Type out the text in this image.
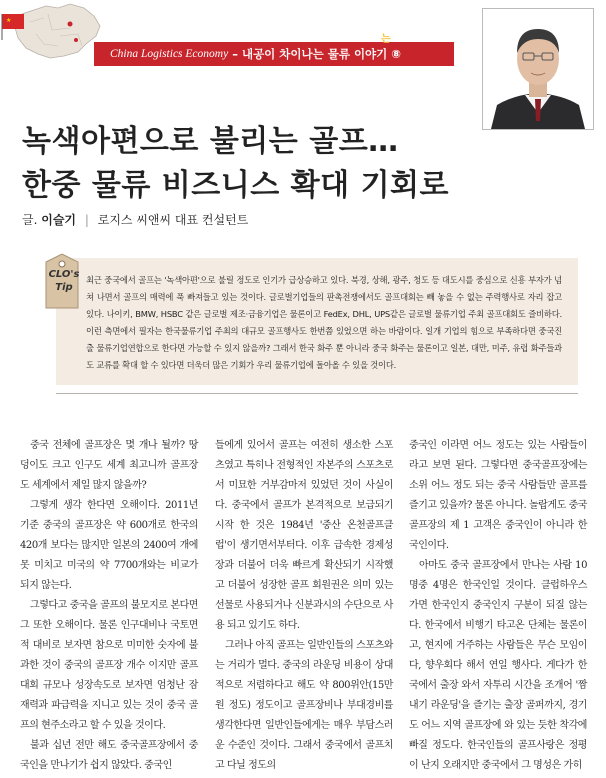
★
China Logistics Economy – 내공이 차이나는 물류 이야기 ⑧
는
녹색아편으로 불리는 골프…
한중 물류 비즈니스 확대 기회로
글. 이슬기 | 로지스 씨앤씨 대표 컨설턴트

최근 중국에서 골프는 '녹색아편'으로 불릴 정도로 인기가 급상승하고 있다. 북경, 상해, 광주, 청도 등 대도시를 중심으로 신흥 부자가 넘쳐 나면서 골프의 매력에 푹 빠져들고 있는 것이다. 글로벌기업들의 판촉전쟁에서도 골프대회는 빼 놓을 수 없는 주력행사로 자리 잡고 있다. 나이키, BMW, HSBC 같은 글로벌 제조·금융기업은 물론이고 FedEx, DHL, UPS같은 글로벌 물류기업 주최 골프대회도 즐비하다. 이런 측면에서 필자는 한국물류기업 주최의 대규모 골프행사도 한번쯤 있었으면 하는 바람이다. 일개 기업의 힘으로 부족하다면 중국진출 물류기업연합으로 한다면 가능할 수 있지 않을까? 그래서 한국 화주 뿐 아니라 중국 화주는 물론이고 일본, 대만, 미주, 유럽 화주들과도 교류를 확대 할 수 있다면 더욱더 많은 기회가 우리 물류기업에 돌아올 수 있을 것이다.

CLO's Tip

중국 전체에 골프장은 몇 개나 될까? 땅덩이도 크고 인구도 세계 최고니까 골프장도 세계에서 제일 많지 않을까?

그렇게 생각 한다면 오해이다. 2011년 기준 중국의 골프장은 약 600개로 한국의 420개 보다는 많지만 일본의 2400여 개에 못 미치고 미국의 약 7700개와는 비교가 되지 않는다.

그렇다고 중국을 골프의 불모지로 본다면 그 또한 오해이다. 물론 인구대비나 국토면적 대비로 보자면 참으로 미미한 숫자에 불과한 것이 중국의 골프장 개수 이지만 골프대회 규모나 성장속도로 보자면 엄청난 잠재력과 파급력을 지니고 있는 것이 중국 골프의 현주소라고 할 수 있을 것이다.

불과 십년 전만 해도 중국골프장에서 중국인을 만나기가 쉽지 않았다. 중국인

들에게 있어서 골프는 여전히 생소한 스포츠였고 특히나 전형적인 자본주의 스포츠로서 미묘한 거부감마저 있었던 것이 사실이다. 중국에서 골프가 본격적으로 보급되기 시작 한 것은 1984년 '중산 온천골프클럽'이 생기면서부터다. 이후 급속한 경제성장과 더불어 더욱 빠르게 확산되기 시작했고 더불어 성장한 골프 회원권은 의미 있는 선물로 사용되거나 신분과시의 수단으로 사용 되고 있기도 하다.

그러나 아직 골프는 일반인들의 스포츠와는 거리가 멀다. 중국의 라운딩 비용이 상대적으로 저렴하다고 해도 약 800위안(15만원 정도) 정도이고 골프장비나 부대경비를 생각한다면 일반인들에게는 매우 부담스러운 수준인 것이다. 그래서 중국에서 골프치고 다닐 정도의

중국인 이라면 어느 정도는 있는 사람들이라고 보면 된다. 그렇다면 중국골프장에는 소위 어느 정도 되는 중국 사람들만 골프를 즐기고 있을까? 물론 아니다. 놀랍게도 중국 골프장의 제 1 고객은 중국인이 아니라 한국인이다.

아마도 중국 골프장에서 만나는 사람 10명중 4명은 한국인일 것이다. 클럽하우스 가면 한국인지 중국인지 구분이 되질 않는다. 한국에서 비행기 타고온 단체는 물론이고, 현지에 거주하는 사람들은 무슨 모임이다, 향우회다 해서 연일 행사다. 게다가 한국에서 출장 와서 자투리 시간을 조개어 '짬내기 라운딩'을 즐기는 출장 골퍼까지, 경기도 어느 지역 골프장에 와 있는 듯한 착각에 빠질 정도다. 한국인들의 골프사랑은 정평이 난지 오래지만 중국에서 그 명성은 가히
